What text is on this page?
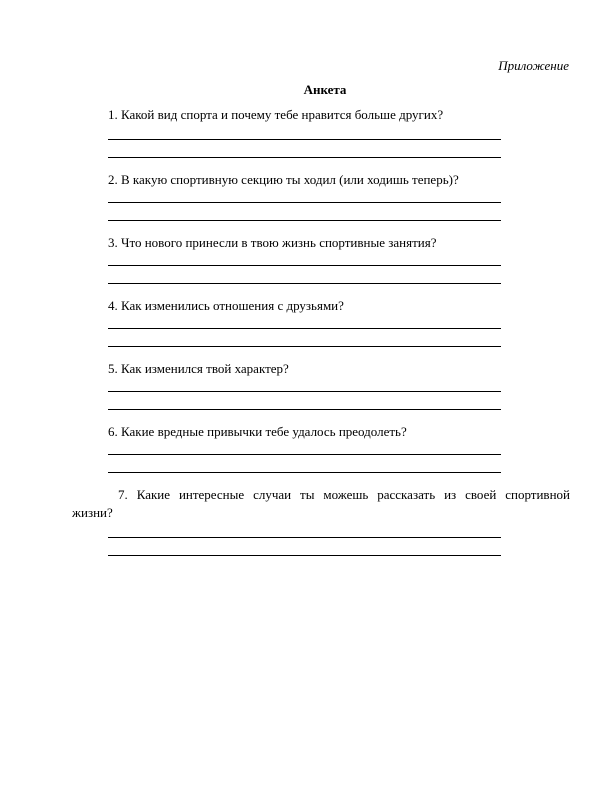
Приложение
Анкета
1. Какой вид спорта и почему тебе нравится больше других?
2. В какую спортивную секцию ты ходил (или ходишь теперь)?
3. Что нового принесли в твою жизнь спортивные занятия?
4. Как изменились отношения с друзьями?
5. Как изменился твой характер?
6. Какие вредные привычки тебе удалось преодолеть?
7. Какие интересные случаи ты можешь рассказать из своей спортивной
жизни?
